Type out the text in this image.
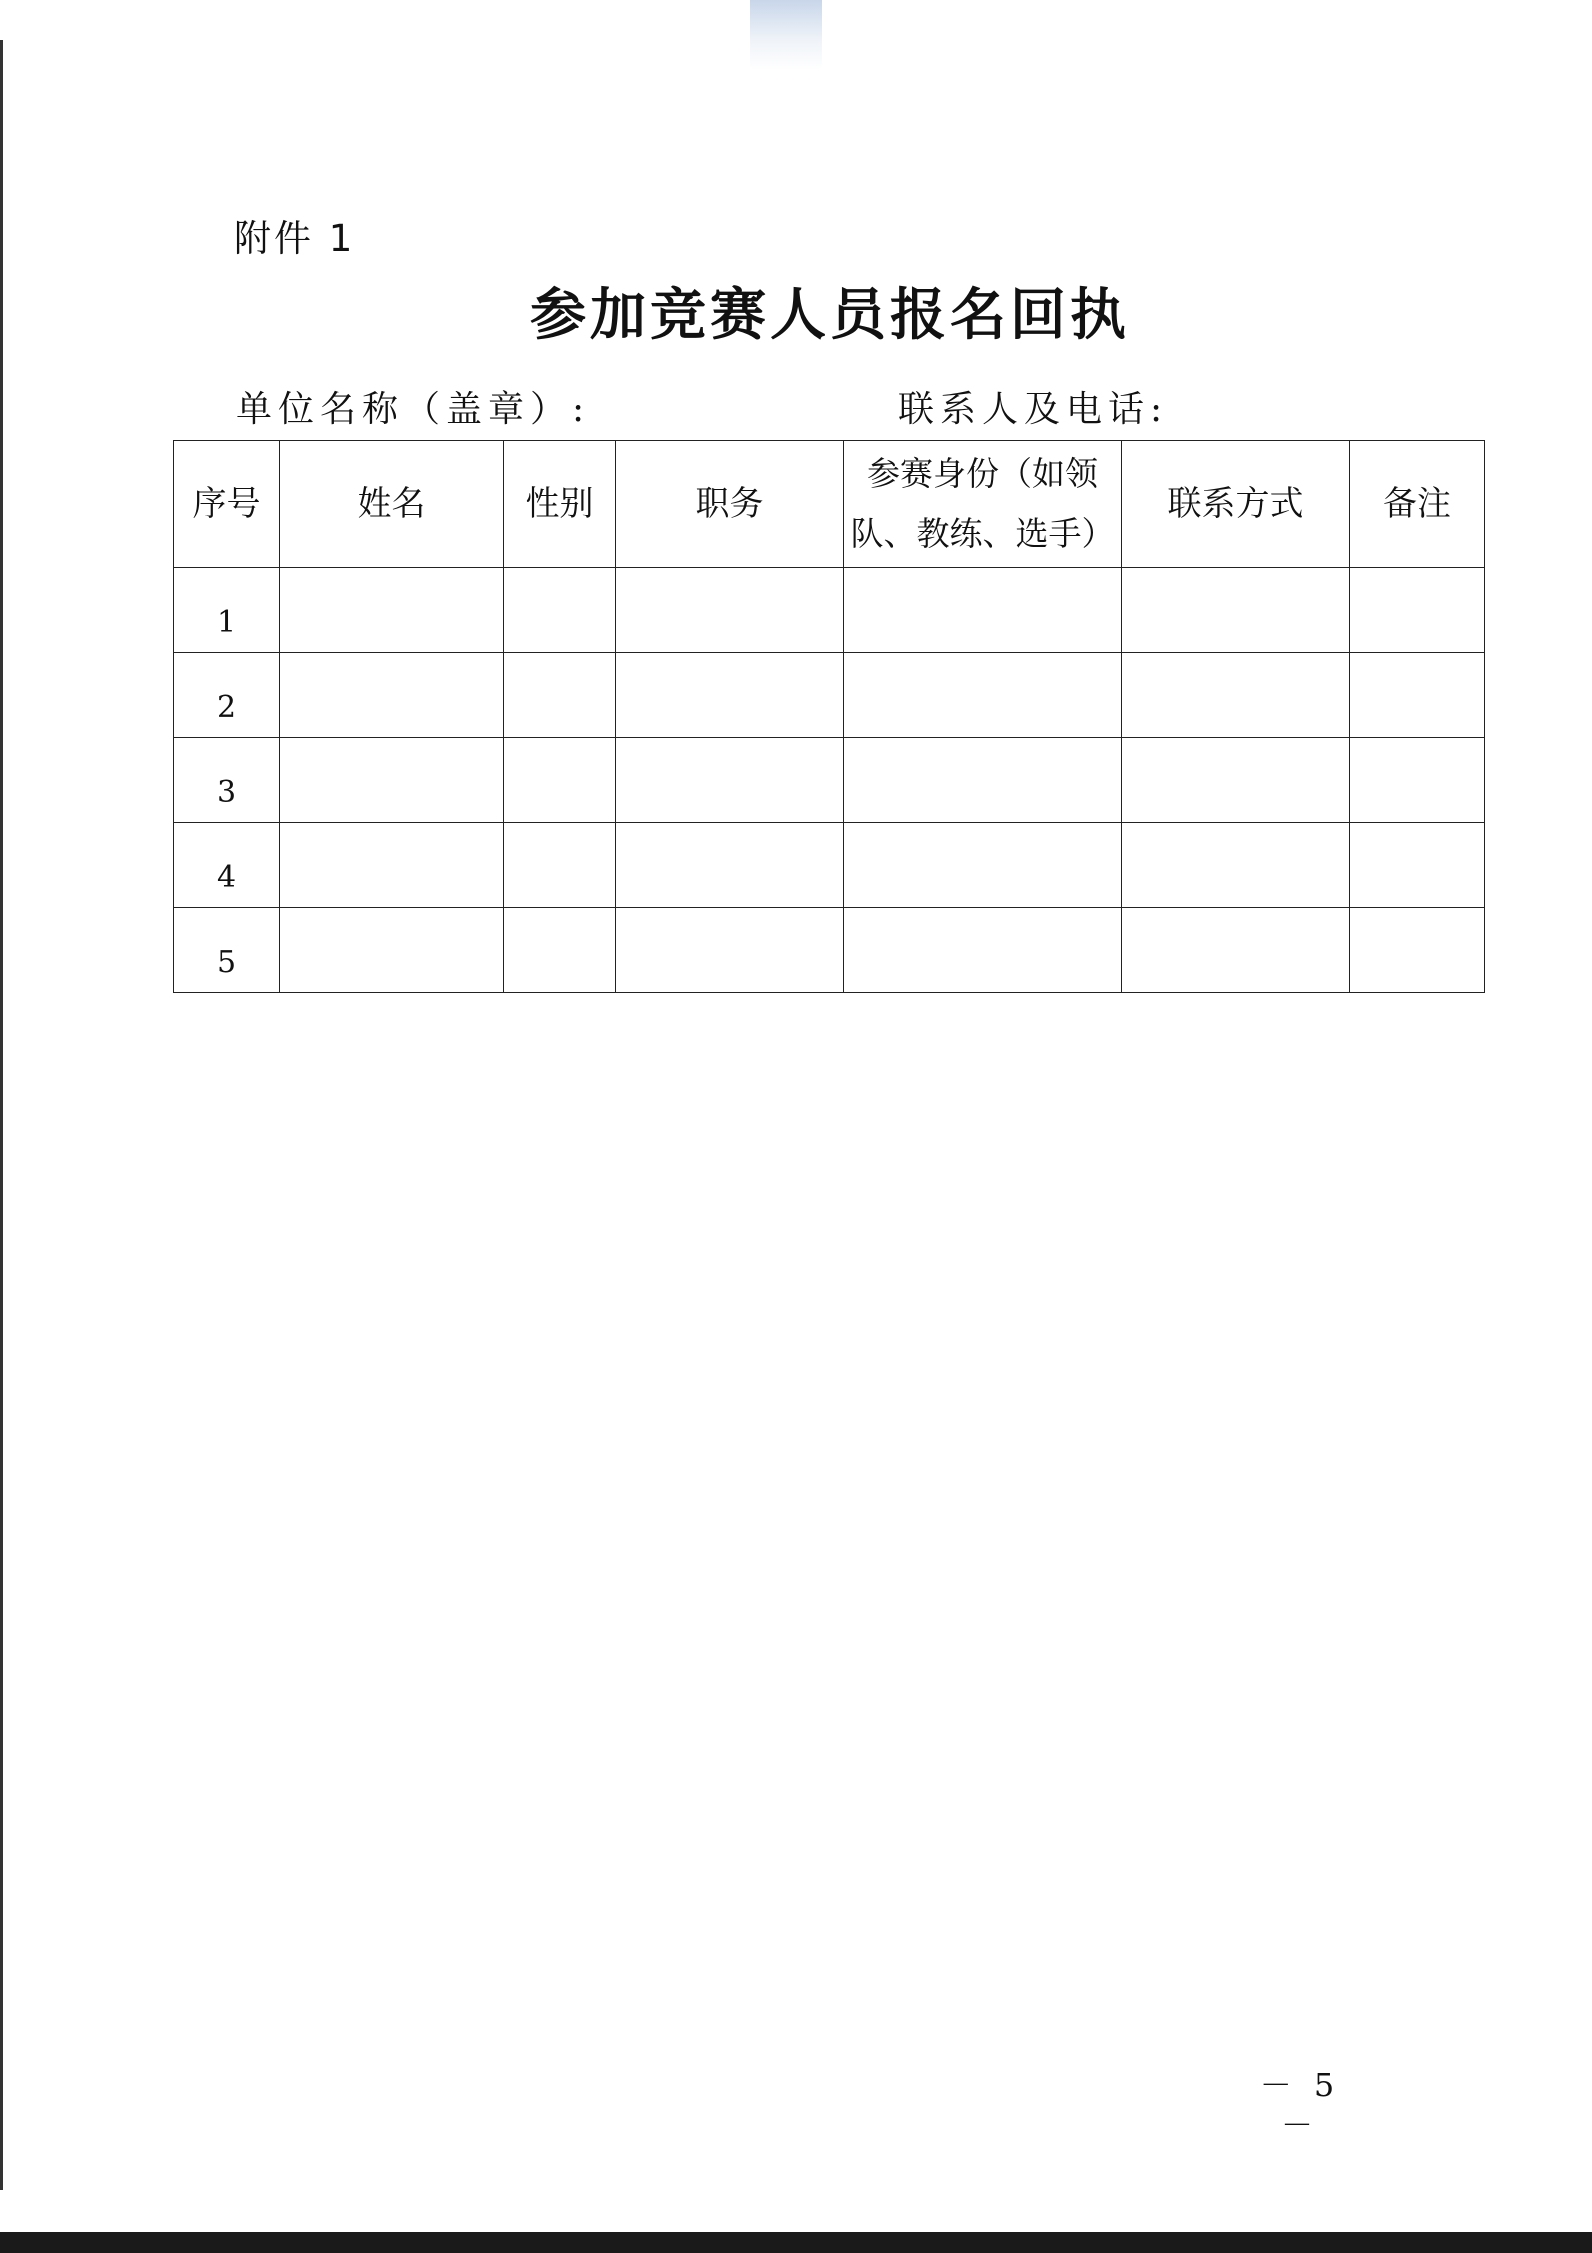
附件 1
参加竞赛人员报名回执
单位名称（盖章）:	联系人及电话:
序号	姓名	性别	职务	参赛身份（如领队、教练、选手）	联系方式	备注
1						
2						
3						
4						
5						
－ 5 －
